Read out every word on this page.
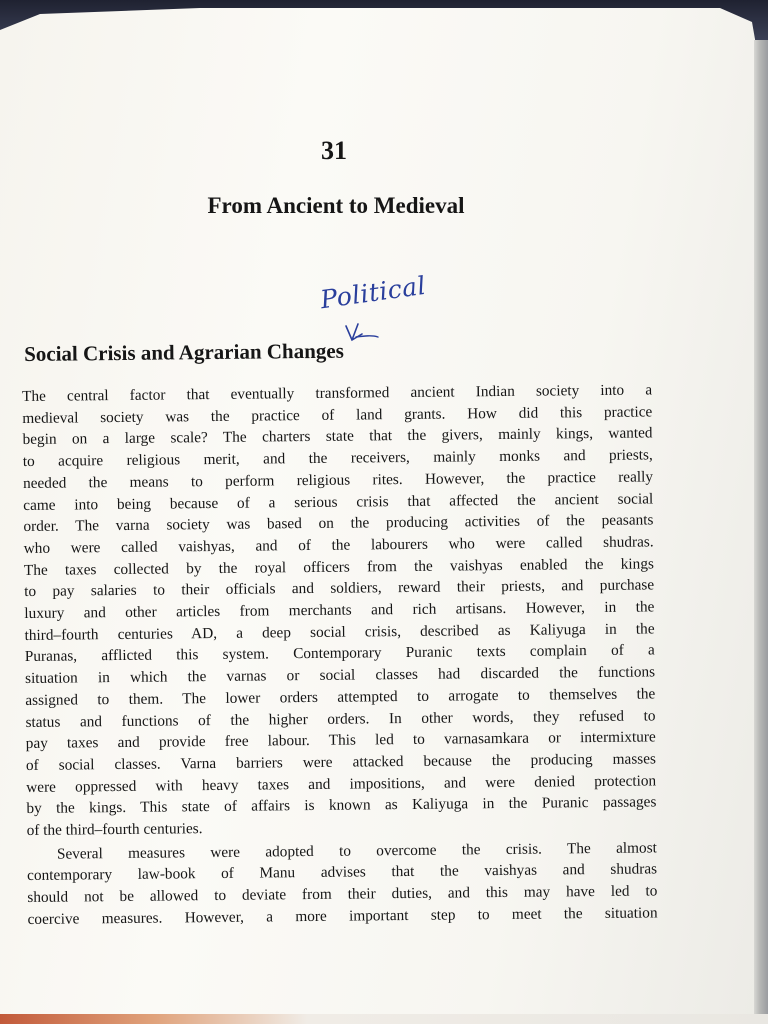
31
From Ancient to Medieval
Political
Social Crisis and Agrarian Changes
The central factor that eventually transformed ancient Indian society into a
medieval society was the practice of land grants. How did this practice
begin on a large scale? The charters state that the givers, mainly kings, wanted
to acquire religious merit, and the receivers, mainly monks and priests,
needed the means to perform religious rites. However, the practice really
came into being because of a serious crisis that affected the ancient social
order. The varna society was based on the producing activities of the peasants
who were called vaishyas, and of the labourers who were called shudras.
The taxes collected by the royal officers from the vaishyas enabled the kings
to pay salaries to their officials and soldiers, reward their priests, and purchase
luxury and other articles from merchants and rich artisans. However, in the
third–fourth centuries AD, a deep social crisis, described as Kaliyuga in the
Puranas, afflicted this system. Contemporary Puranic texts complain of a
situation in which the varnas or social classes had discarded the functions
assigned to them. The lower orders attempted to arrogate to themselves the
status and functions of the higher orders. In other words, they refused to
pay taxes and provide free labour. This led to varnasamkara or intermixture
of social classes. Varna barriers were attacked because the producing masses
were oppressed with heavy taxes and impositions, and were denied protection
by the kings. This state of affairs is known as Kaliyuga in the Puranic passages
of the third–fourth centuries.
Several measures were adopted to overcome the crisis. The almost
contemporary law-book of Manu advises that the vaishyas and shudras
should not be allowed to deviate from their duties, and this may have led to
coercive measures. However, a more important step to meet the situation
